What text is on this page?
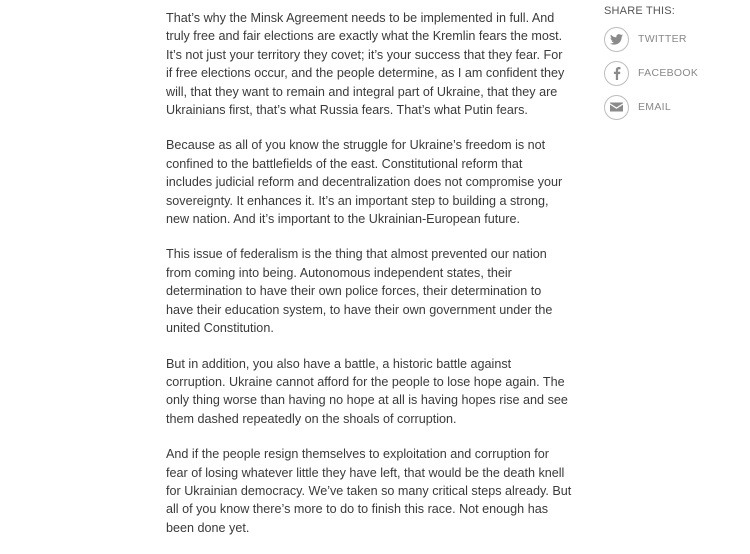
That’s why the Minsk Agreement needs to be implemented in full. And truly free and fair elections are exactly what the Kremlin fears the most. It’s not just your territory they covet; it’s your success that they fear. For if free elections occur, and the people determine, as I am confident they will, that they want to remain and integral part of Ukraine, that they are Ukrainians first, that’s what Russia fears. That’s what Putin fears.

Because as all of you know the struggle for Ukraine’s freedom is not confined to the battlefields of the east. Constitutional reform that includes judicial reform and decentralization does not compromise your sovereignty. It enhances it. It’s an important step to building a strong, new nation. And it’s important to the Ukrainian-European future.

This issue of federalism is the thing that almost prevented our nation from coming into being. Autonomous independent states, their determination to have their own police forces, their determination to have their education system, to have their own government under the united Constitution.

But in addition, you also have a battle, a historic battle against corruption. Ukraine cannot afford for the people to lose hope again. The only thing worse than having no hope at all is having hopes rise and see them dashed repeatedly on the shoals of corruption.

And if the people resign themselves to exploitation and corruption for fear of losing whatever little they have left, that would be the death knell for Ukrainian democracy. We’ve taken so many critical steps already. But all of you know there’s more to do to finish this race. Not enough has been done yet.

SHARE THIS:
TWITTER
FACEBOOK
EMAIL
